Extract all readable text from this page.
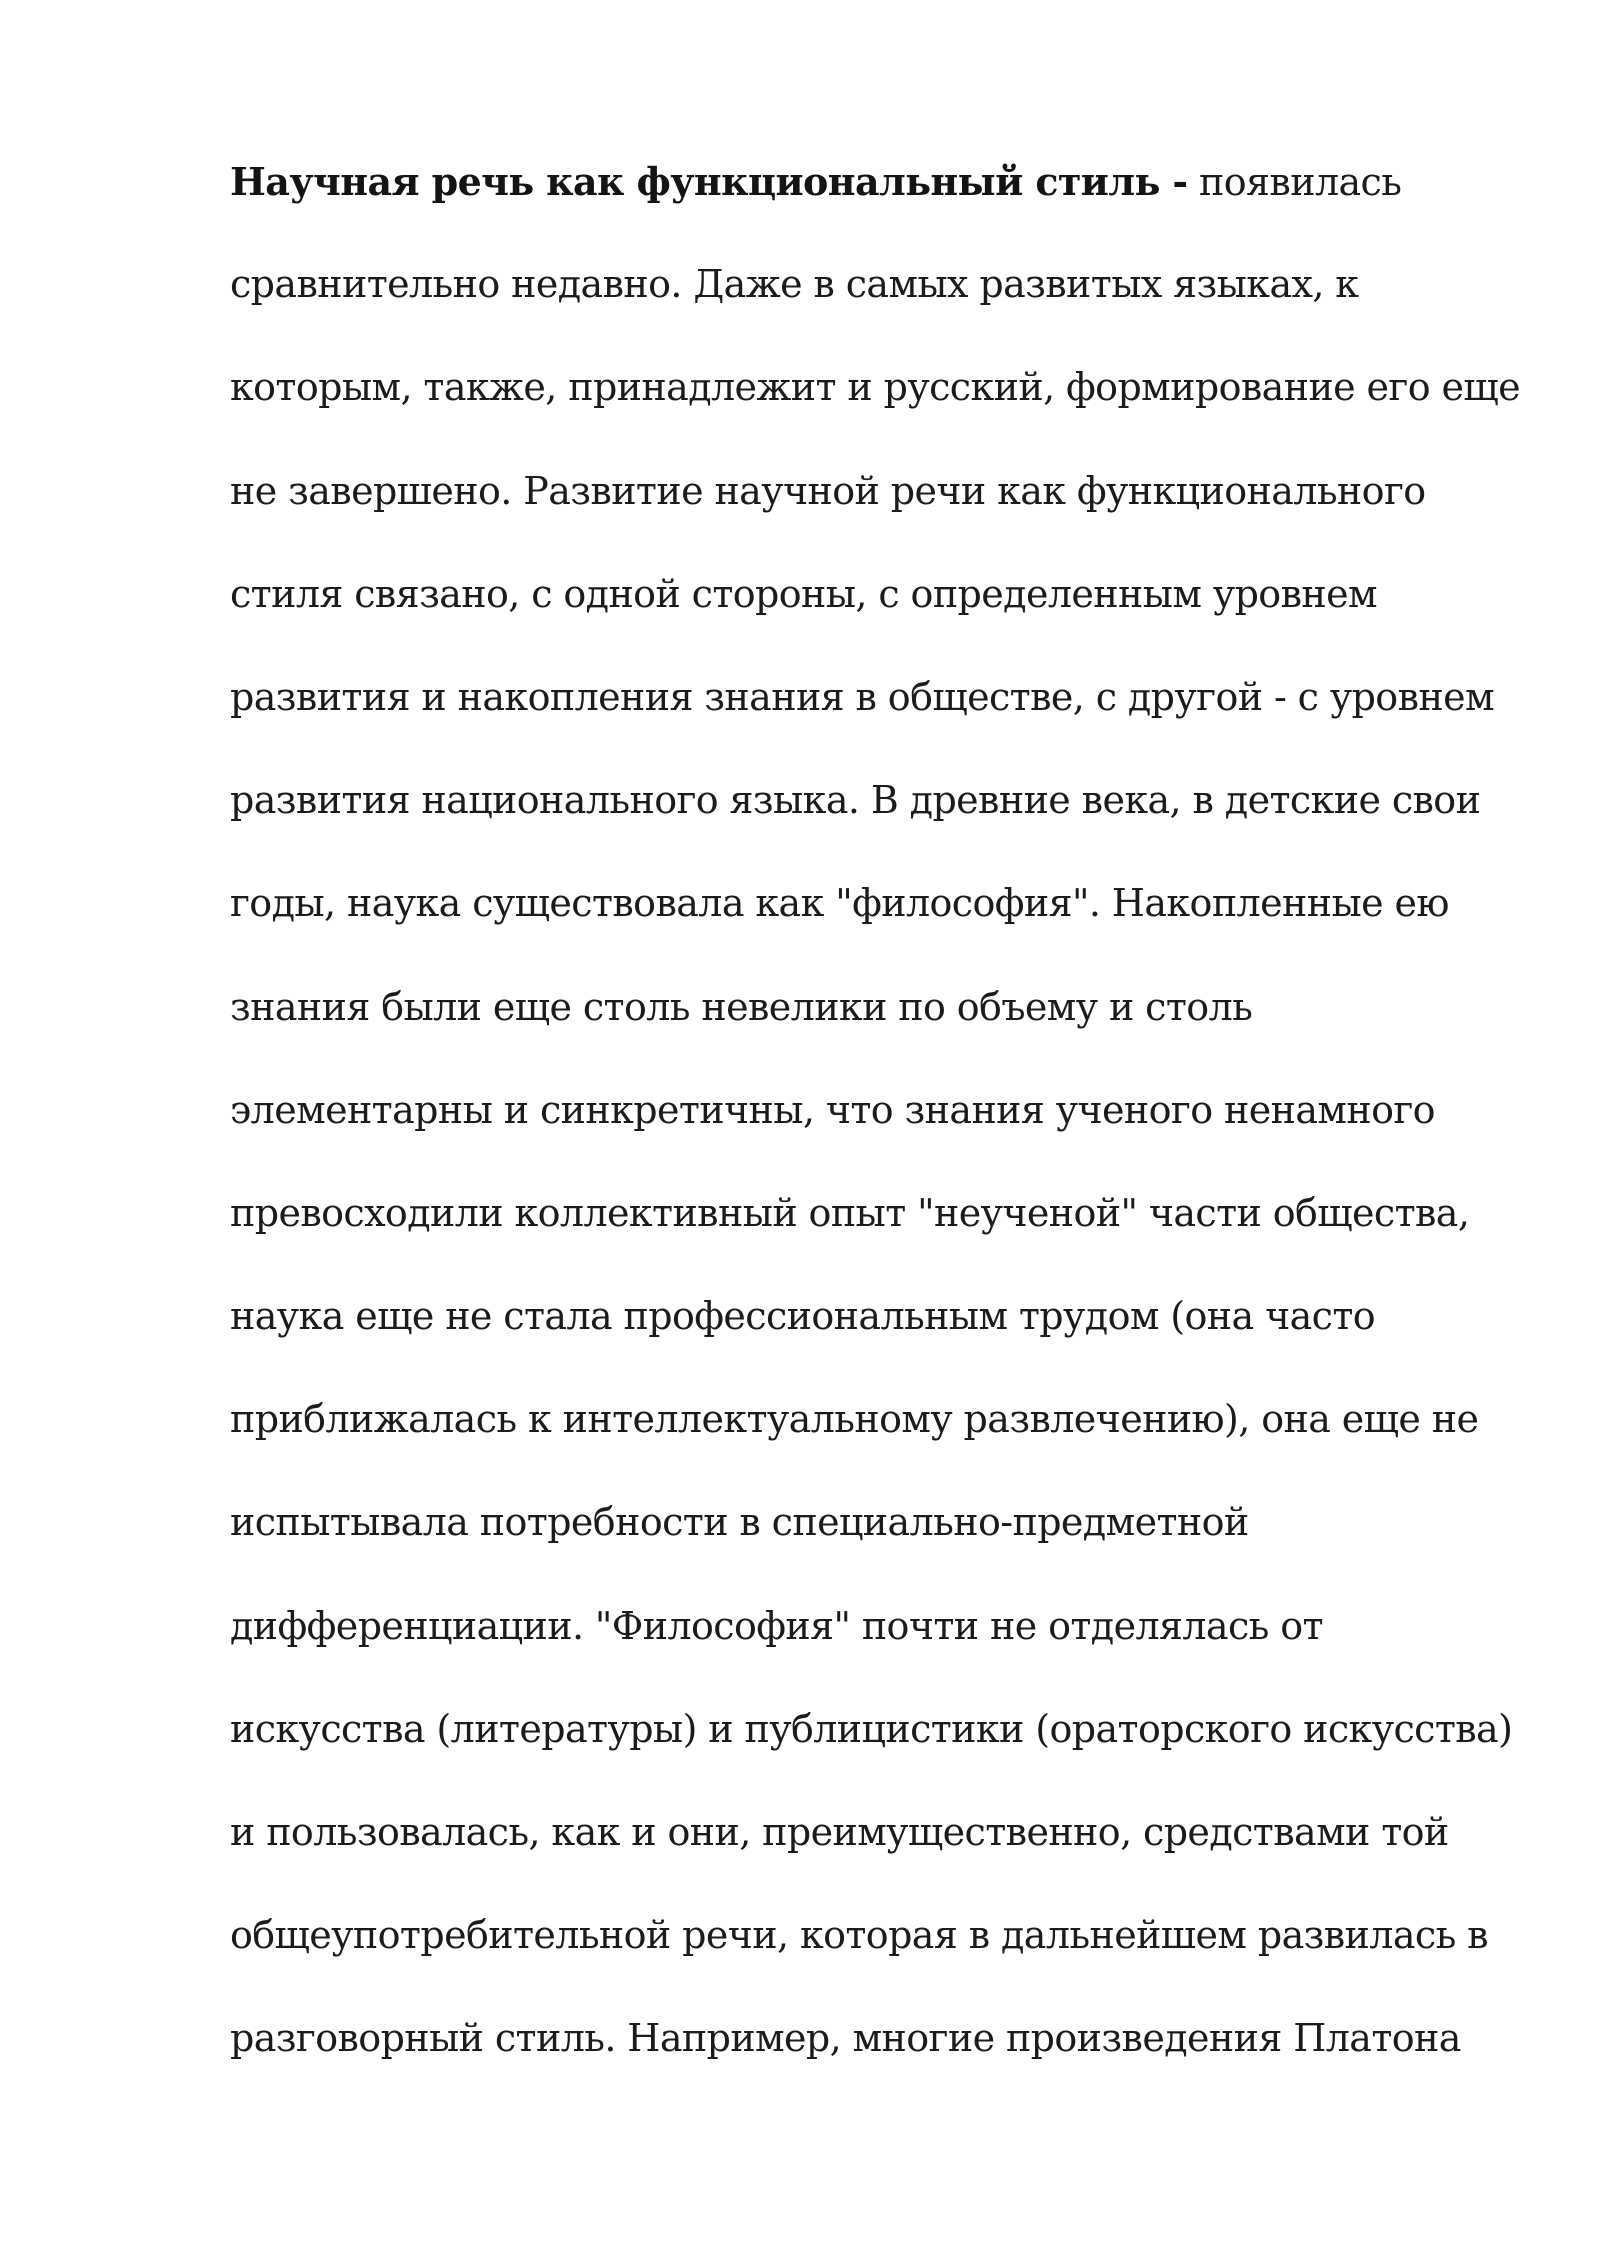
Научная речь как функциональный стиль - появилась
сравнительно недавно. Даже в самых развитых языках, к
которым, также, принадлежит и русский, формирование его еще
не завершено. Развитие научной речи как функционального
стиля связано, с одной стороны, с определенным уровнем
развития и накопления знания в обществе, с другой - с уровнем
развития национального языка. В древние века, в детские свои
годы, наука существовала как "философия". Накопленные ею
знания были еще столь невелики по объему и столь
элементарны и синкретичны, что знания ученого ненамного
превосходили коллективный опыт "неученой" части общества,
наука еще не стала профессиональным трудом (она часто
приближалась к интеллектуальному развлечению), она еще не
испытывала потребности в специально-предметной
дифференциации. "Философия" почти не отделялась от
искусства (литературы) и публицистики (ораторского искусства)
и пользовалась, как и они, преимущественно, средствами той
общеупотребительной речи, которая в дальнейшем развилась в
разговорный стиль. Например, многие произведения Платона
